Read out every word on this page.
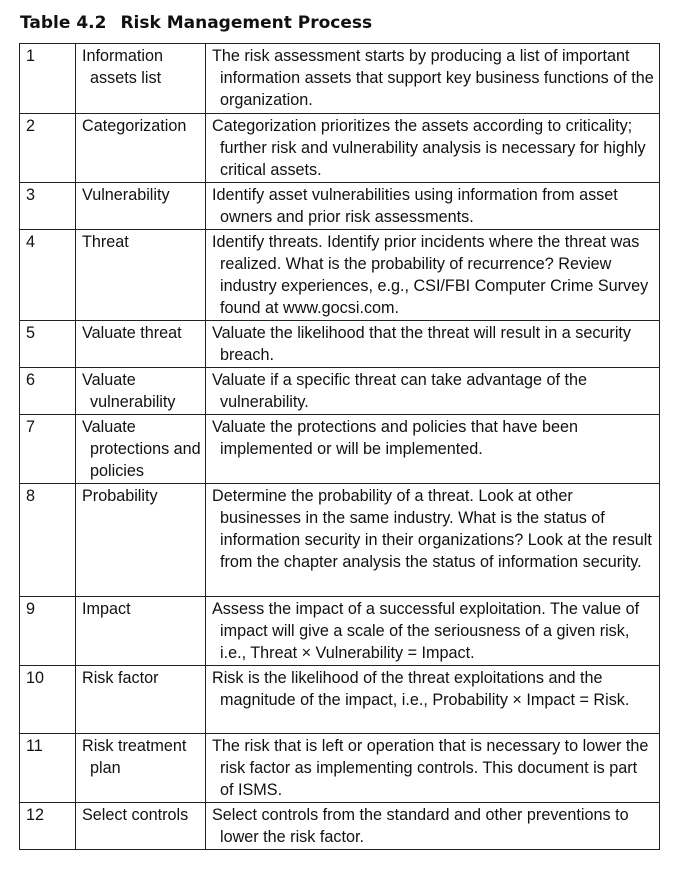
Table 4.2 Risk Management Process
1	Information assets list	The risk assessment starts by producing a list of important information assets that support key business functions of the organization.

2	Categorization	Categorization prioritizes the assets according to criticality; further risk and vulnerability analysis is necessary for highly critical assets.

3	Vulnerability	Identify asset vulnerabilities using information from asset owners and prior risk assessments.

4	Threat	Identify threats. Identify prior incidents where the threat was realized. What is the probability of recurrence? Review industry experiences, e.g., CSI/FBI Computer Crime Survey found at www.gocsi.com.

5	Valuate threat	Valuate the likelihood that the threat will result in a security breach.

6	Valuate vulnerability	Valuate if a specific threat can take advantage of the vulnerability.

7	Valuate protections and policies	Valuate the protections and policies that have been implemented or will be implemented.

8	Probability	Determine the probability of a threat. Look at other businesses in the same industry. What is the status of information security in their organizations? Look at the result from the chapter analysis the status of information security.

9	Impact	Assess the impact of a successful exploitation. The value of impact will give a scale of the seriousness of a given risk, i.e., Threat × Vulnerability = Impact.

10	Risk factor	Risk is the likelihood of the threat exploitations and the magnitude of the impact, i.e., Probability × Impact = Risk.

11	Risk treatment plan	The risk that is left or operation that is necessary to lower the risk factor as implementing controls. This document is part of ISMS.

12	Select controls	Select controls from the standard and other preventions to lower the risk factor.
